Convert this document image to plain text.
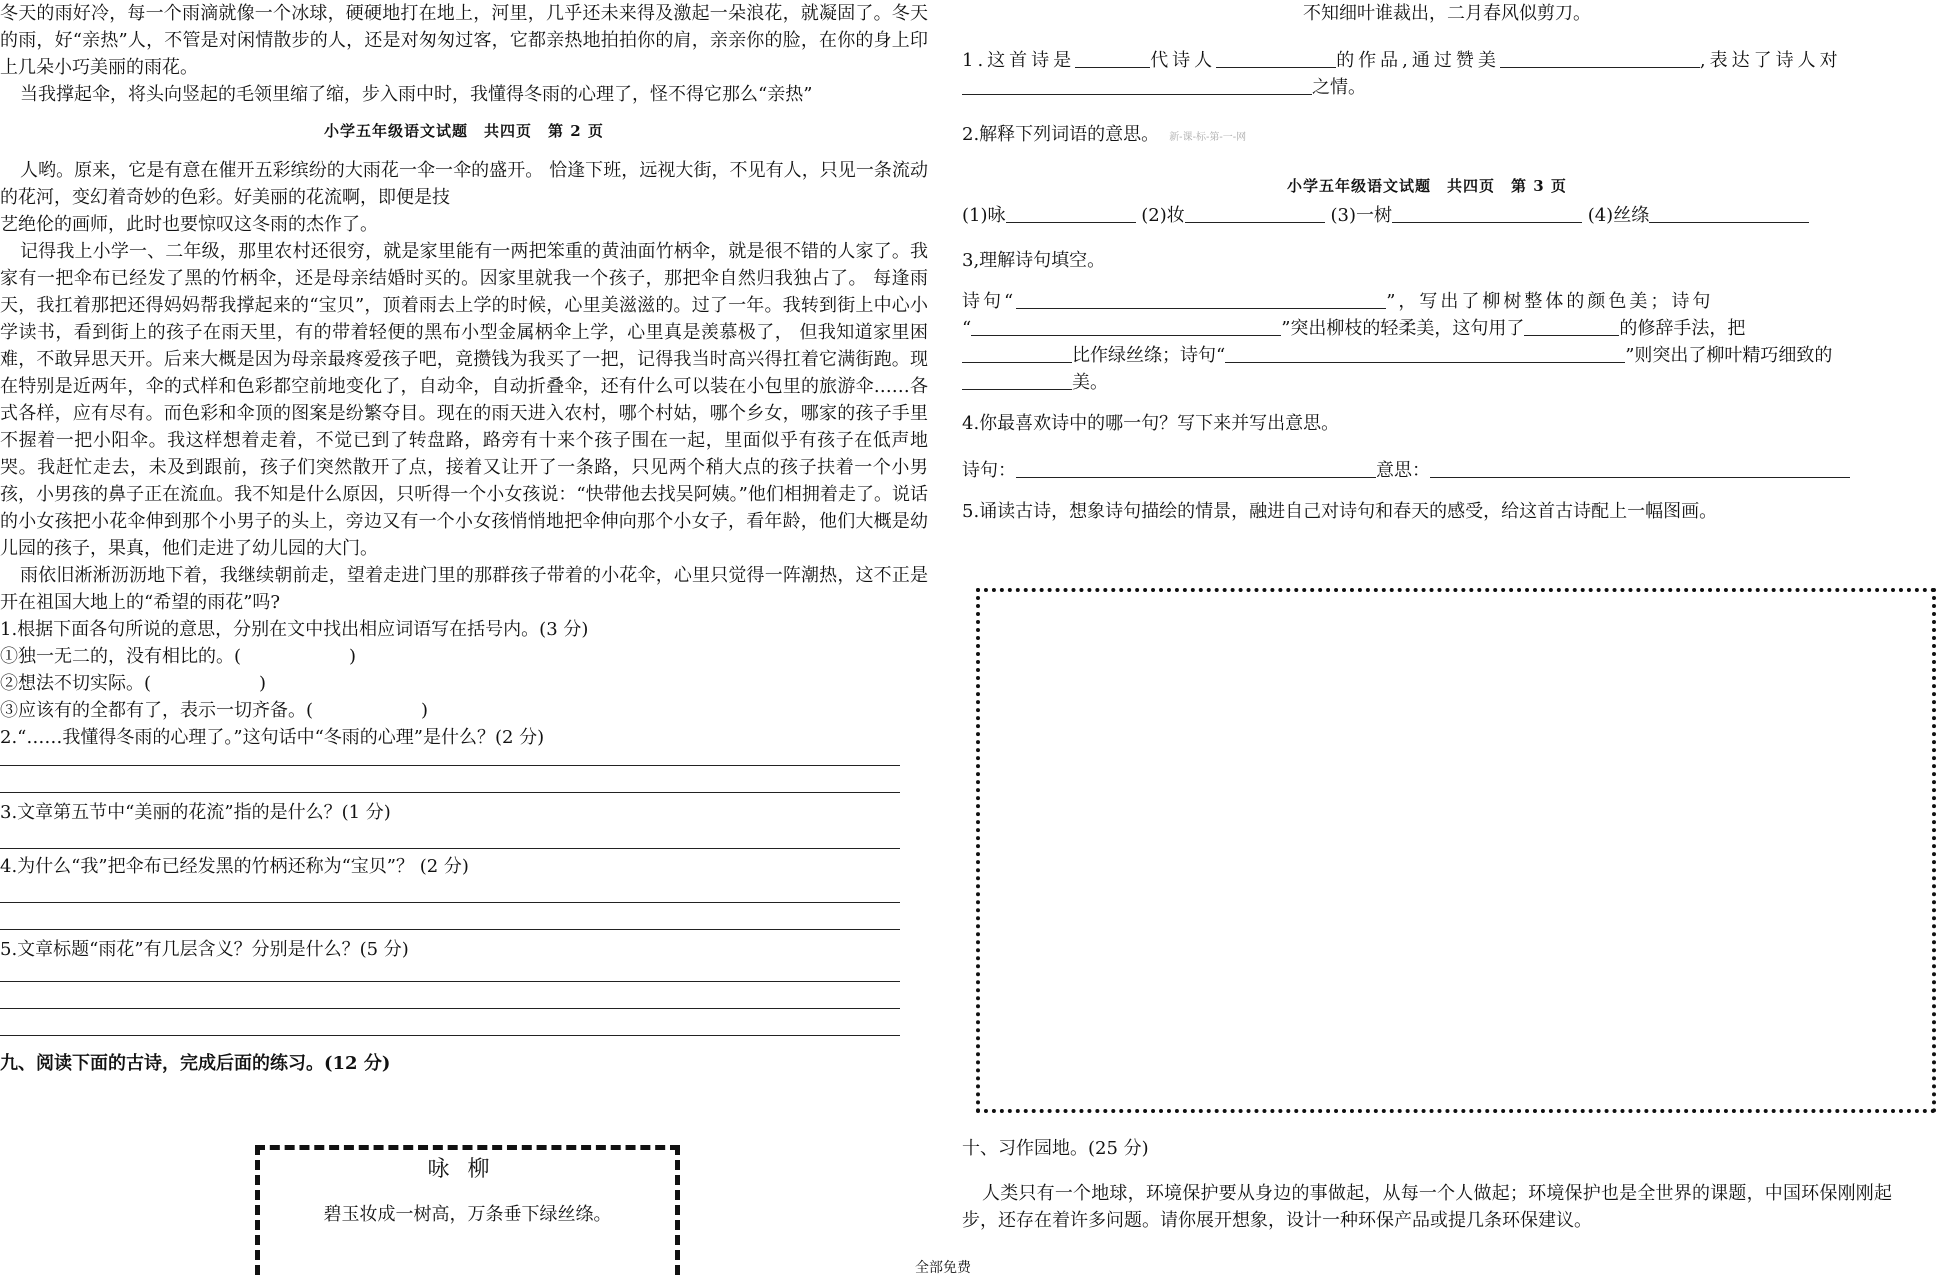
冬天的雨好冷，每一个雨滴就像一个冰球，硬硬地打在地上，河里，几乎还未来得及激起一朵浪花，就凝固了。冬天的雨，好“亲热”人，不管是对闲情散步的人，还是对匆匆过客，它都亲热地拍拍你的肩，亲亲你的脸，在你的身上印上几朵小巧美丽的雨花。

当我撑起伞，将头向竖起的毛领里缩了缩，步入雨中时，我懂得冬雨的心理了，怪不得它那么“亲热”

小学五年级语文试题　共四页　第 2 页

人哟。原来，它是有意在催开五彩缤纷的大雨花一伞一伞的盛开。 恰逢下班，远视大街，不见有人，只见一条流动的花河，变幻着奇妙的色彩。好美丽的花流啊，即便是技

艺绝伦的画师，此时也要惊叹这冬雨的杰作了。

记得我上小学一、二年级，那里农村还很穷，就是家里能有一两把笨重的黄油面竹柄伞，就是很不错的人家了。我家有一把伞布已经发了黑的竹柄伞，还是母亲结婚时买的。因家里就我一个孩子，那把伞自然归我独占了。 每逢雨天，我扛着那把还得妈妈帮我撑起来的“宝贝”，顶着雨去上学的时候，心里美滋滋的。过了一年。我转到街上中心小学读书，看到街上的孩子在雨天里，有的带着轻便的黑布小型金属柄伞上学，心里真是羡慕极了， 但我知道家里困难，不敢异思天开。后来大概是因为母亲最疼爱孩子吧，竟攒钱为我买了一把，记得我当时高兴得扛着它满街跑。现在特别是近两年，伞的式样和色彩都空前地变化了，自动伞，自动折叠伞，还有什么可以装在小包里的旅游伞……各式各样，应有尽有。而色彩和伞顶的图案是纷繁夺目。现在的雨天进入农村，哪个村姑，哪个乡女，哪家的孩子手里不握着一把小阳伞。我这样想着走着，不觉已到了转盘路，路旁有十来个孩子围在一起，里面似乎有孩子在低声地哭。我赶忙走去，未及到跟前，孩子们突然散开了点，接着又让开了一条路，只见两个稍大点的孩子扶着一个小男孩，小男孩的鼻子正在流血。我不知是什么原因，只听得一个小女孩说：“快带他去找吴阿姨。”他们相拥着走了。说话的小女孩把小花伞伸到那个小男子的头上，旁边又有一个小女孩悄悄地把伞伸向那个小女子，看年龄，他们大概是幼儿园的孩子，果真，他们走进了幼儿园的大门。

雨依旧淅淅沥沥地下着，我继续朝前走，望着走进门里的那群孩子带着的小花伞，心里只觉得一阵潮热，这不正是开在祖国大地上的“希望的雨花”吗?

1.根据下面各句所说的意思，分别在文中找出相应词语写在括号内。(3 分)

①独一无二的，没有相比的。(　　　　　　)

②想法不切实际。(　　　　　　)

③应该有的全都有了，表示一切齐备。(　　　　　　)

2.“……我懂得冬雨的心理了。”这句话中“冬雨的心理”是什么？(2 分)

3.文章第五节中“美丽的花流”指的是什么？(1 分)

4.为什么“我”把伞布已经发黑的竹柄还称为“宝贝”？ (2 分)

5.文章标题“雨花”有几层含义？分别是什么？(5 分)

九、阅读下面的古诗，完成后面的练习。(12 分)

咏柳
碧玉妆成一树高，万条垂下绿丝绦。

不知细叶谁裁出，二月春风似剪刀。

1.这首诗是	代诗人	的作品,通过赞美	,表达了诗人对

之情。

2.解释下列词语的意思。 新-课-标-第-一-网

小学五年级语文试题　共四页　第 3 页

(1)咏	(2)妆	(3)一树	(4)丝绦

3,理解诗句填空。

诗句“	”，写出了柳树整体的颜色美；诗句

“	”突出柳枝的轻柔美，这句用了	的修辞手法，把

比作绿丝绦；诗句“	”则突出了柳叶精巧细致的

美。

4.你最喜欢诗中的哪一句？写下来并写出意思。

诗句：	意思：

5.诵读古诗，想象诗句描绘的情景，融进自己对诗句和春天的感受，给这首古诗配上一幅图画。

十、习作园地。(25 分)

人类只有一个地球，环境保护要从身边的事做起，从每一个人做起；环境保护也是全世界的课题，中国环保刚刚起步，还存在着许多问题。请你展开想象，设计一种环保产品或提几条环保建议。

全部免费
